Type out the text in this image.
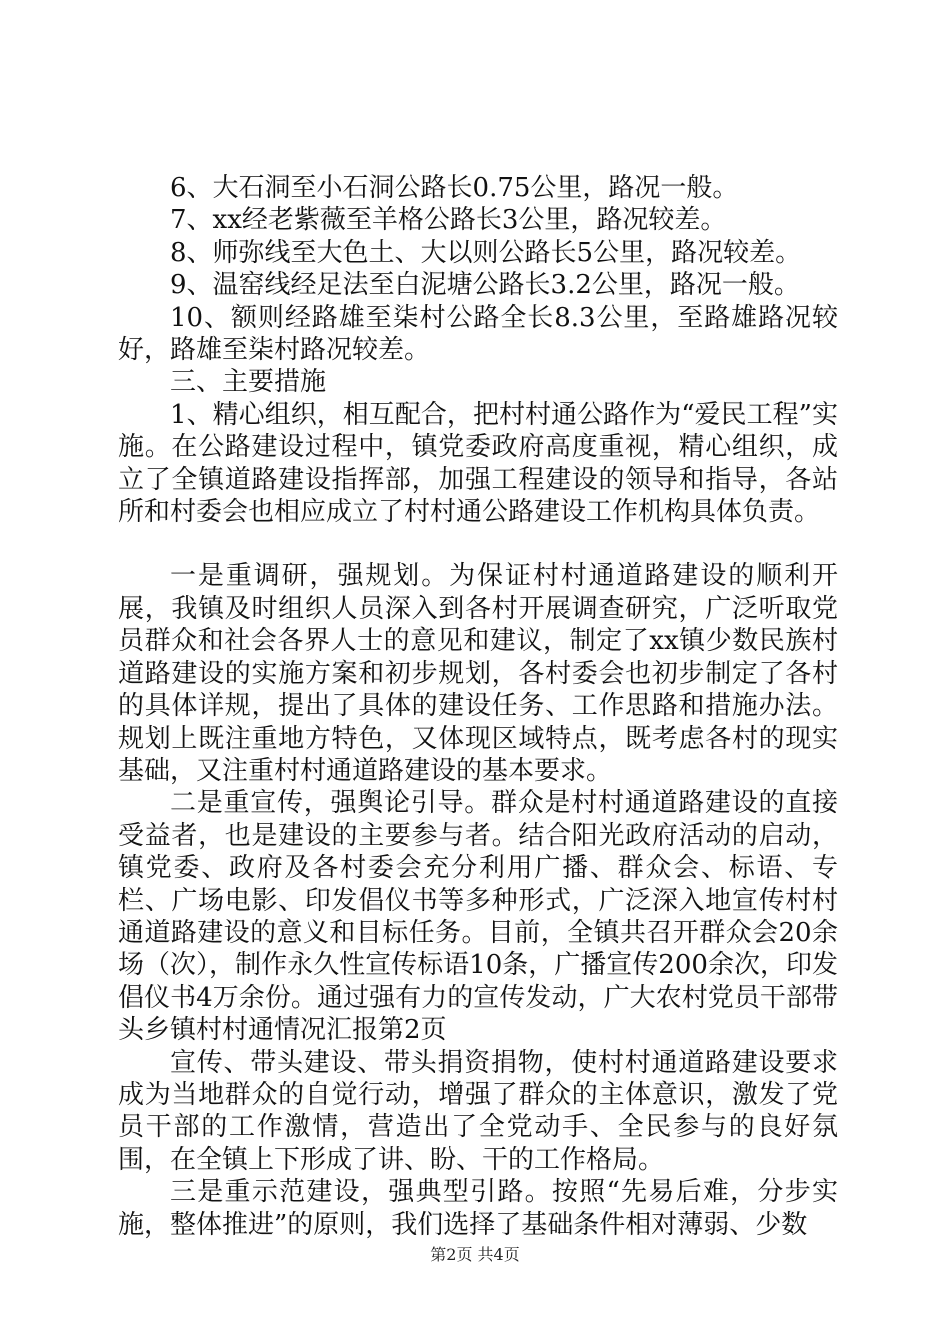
6、大石洞至小石洞公路长0.75公里，路况一般。

7、xx经老紫薇至羊格公路长3公里，路况较差。

8、师弥线至大色土、大以则公路长5公里，路况较差。

9、温窑线经足法至白泥塘公路长3.2公里，路况一般。

10、额则经路雄至柒村公路全长8.3公里，至路雄路况较好，路雄至柒村路况较差。

三、主要措施

1、精心组织，相互配合，把村村通公路作为“爱民工程”实施。在公路建设过程中，镇党委政府高度重视，精心组织，成立了全镇道路建设指挥部，加强工程建设的领导和指导，各站所和村委会也相应成立了村村通公路建设工作机构具体负责。

一是重调研，强规划。为保证村村通道路建设的顺利开展，我镇及时组织人员深入到各村开展调查研究，广泛听取党员群众和社会各界人士的意见和建议，制定了xx镇少数民族村道路建设的实施方案和初步规划，各村委会也初步制定了各村的具体详规，提出了具体的建设任务、工作思路和措施办法。规划上既注重地方特色，又体现区域特点，既考虑各村的现实基础，又注重村村通道路建设的基本要求。

二是重宣传，强舆论引导。群众是村村通道路建设的直接受益者，也是建设的主要参与者。结合阳光政府活动的启动，镇党委、政府及各村委会充分利用广播、群众会、标语、专栏、广场电影、印发倡仪书等多种形式，广泛深入地宣传村村通道路建设的意义和目标任务。目前，全镇共召开群众会20余场（次），制作永久性宣传标语10条，广播宣传200余次，印发倡仪书4万余份。通过强有力的宣传发动，广大农村党员干部带头乡镇村村通情况汇报第2页

宣传、带头建设、带头捐资捐物，使村村通道路建设要求成为当地群众的自觉行动，增强了群众的主体意识，激发了党员干部的工作激情，营造出了全党动手、全民参与的良好氛围，在全镇上下形成了讲、盼、干的工作格局。

三是重示范建设，强典型引路。按照“先易后难，分步实施，整体推进”的原则，我们选择了基础条件相对薄弱、少数

第2页 共4页
